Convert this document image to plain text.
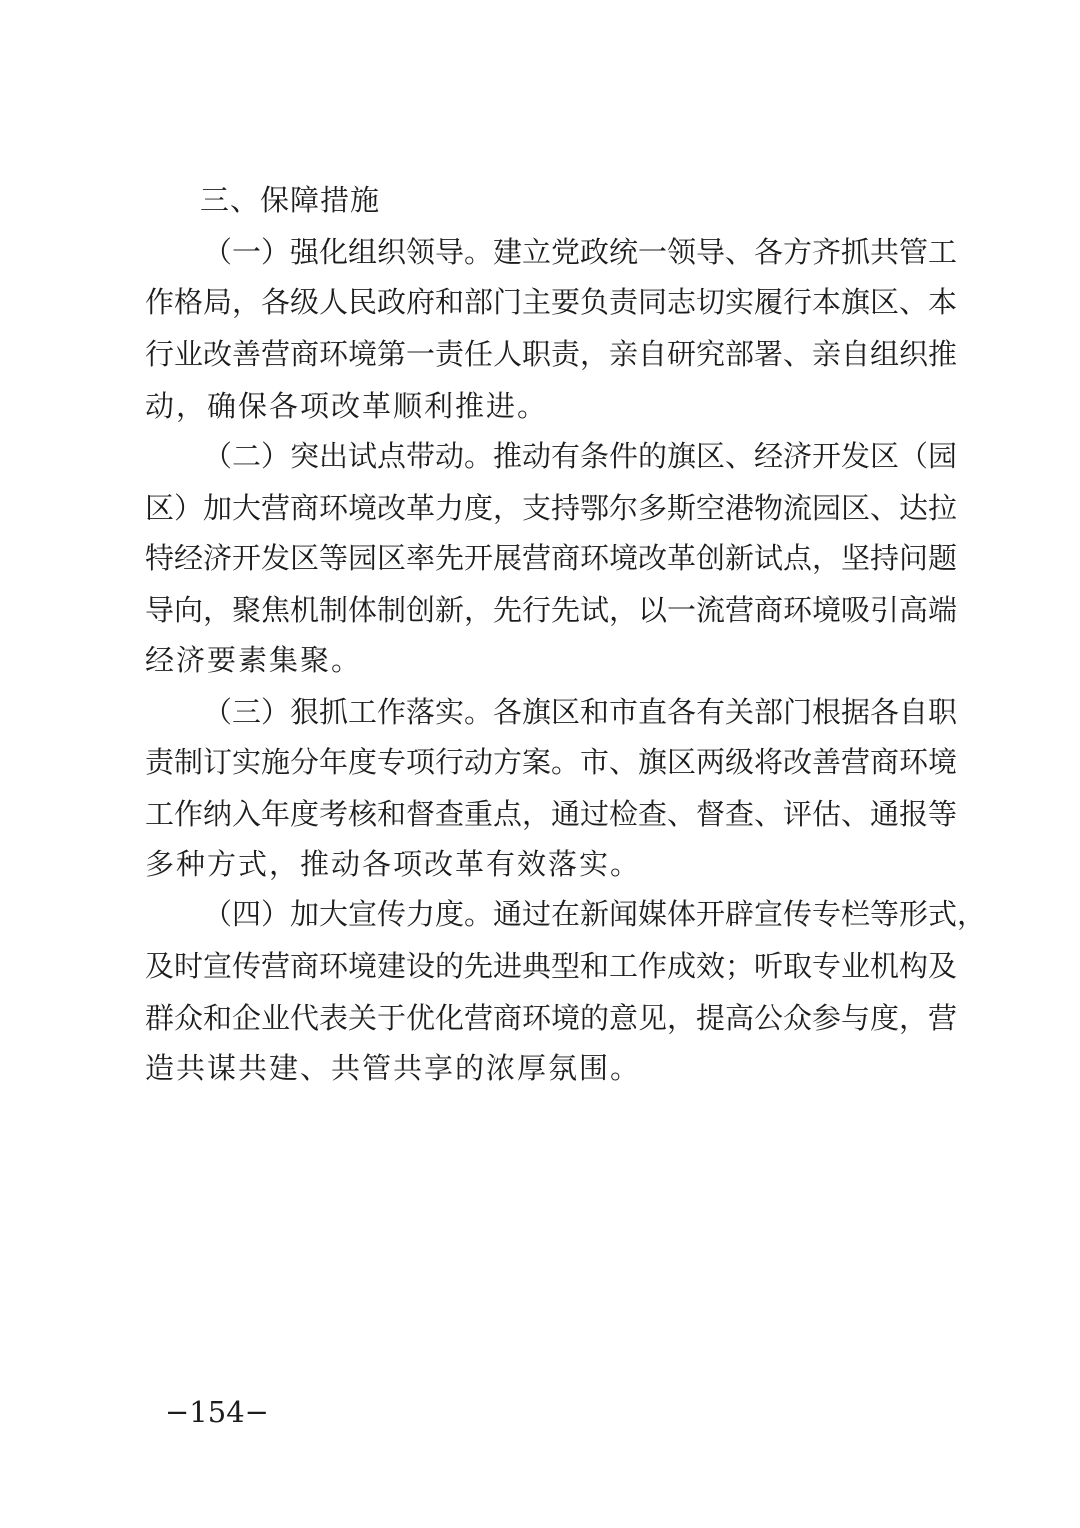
三、保障措施
（一）强化组织领导。建立党政统一领导、各方齐抓共管工
作格局，各级人民政府和部门主要负责同志切实履行本旗区、本
行业改善营商环境第一责任人职责，亲自研究部署、亲自组织推
动，确保各项改革顺利推进。
（二）突出试点带动。推动有条件的旗区、经济开发区（园
区）加大营商环境改革力度，支持鄂尔多斯空港物流园区、达拉
特经济开发区等园区率先开展营商环境改革创新试点，坚持问题
导向，聚焦机制体制创新，先行先试，以一流营商环境吸引高端
经济要素集聚。
（三）狠抓工作落实。各旗区和市直各有关部门根据各自职
责制订实施分年度专项行动方案。市、旗区两级将改善营商环境
工作纳入年度考核和督查重点，通过检查、督查、评估、通报等
多种方式，推动各项改革有效落实。
（四）加大宣传力度。通过在新闻媒体开辟宣传专栏等形式，
及时宣传营商环境建设的先进典型和工作成效；听取专业机构及
群众和企业代表关于优化营商环境的意见，提高公众参与度，营
造共谋共建、共管共享的浓厚氛围。
−154−
